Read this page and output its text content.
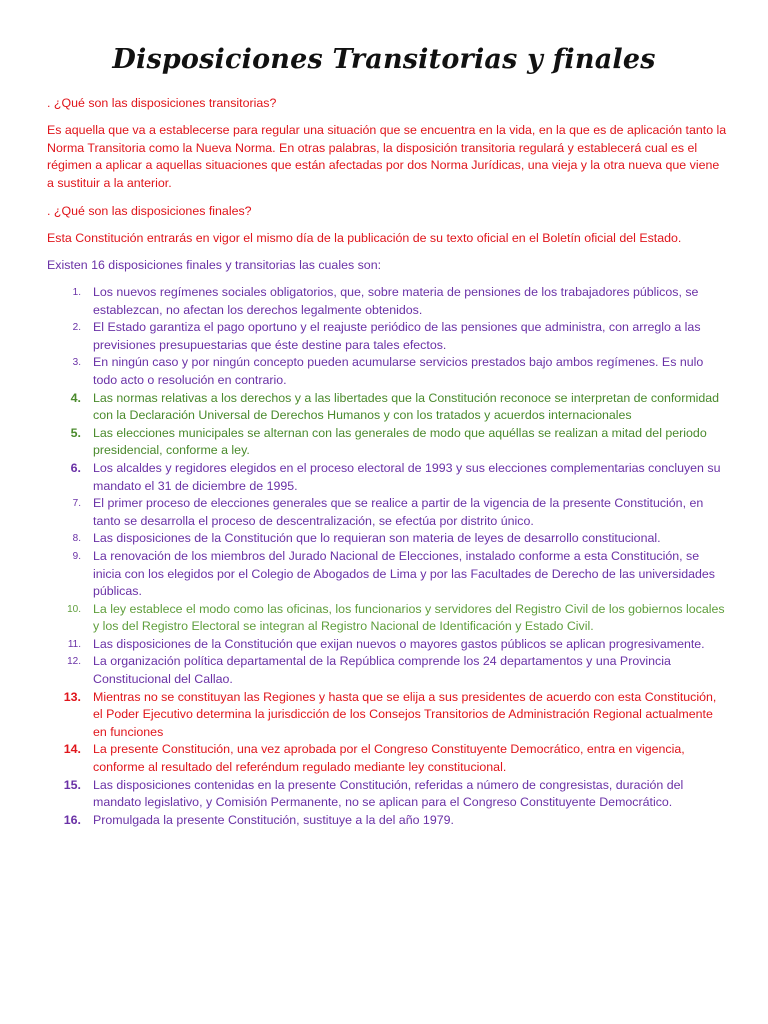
Disposiciones Transitorias y finales

. ¿Qué son las disposiciones transitorias?

Es aquella que va a establecerse para regular una situación que se encuentra en la vida, en la que es de aplicación tanto la Norma Transitoria como la Nueva Norma. En otras palabras, la disposición transitoria regulará y establecerá cual es el régimen a aplicar a aquellas situaciones que están afectadas por dos Norma Jurídicas, una vieja y la otra nueva que viene a sustituir a la anterior.

. ¿Qué son las disposiciones finales?

Esta Constitución entrarás en vigor el mismo día de la publicación de su texto oficial en el Boletín oficial del Estado.

Existen 16 disposiciones finales y transitorias las cuales son:

1. Los nuevos regímenes sociales obligatorios, que, sobre materia de pensiones de los trabajadores públicos, se establezcan, no afectan los derechos legalmente obtenidos.
2. El Estado garantiza el pago oportuno y el reajuste periódico de las pensiones que administra, con arreglo a las previsiones presupuestarias que éste destine para tales efectos.
3. En ningún caso y por ningún concepto pueden acumularse servicios prestados bajo ambos regímenes. Es nulo todo acto o resolución en contrario.
4. Las normas relativas a los derechos y a las libertades que la Constitución reconoce se interpretan de conformidad con la Declaración Universal de Derechos Humanos y con los tratados y acuerdos internacionales
5. Las elecciones municipales se alternan con las generales de modo que aquéllas se realizan a mitad del periodo presidencial, conforme a ley.
6. Los alcaldes y regidores elegidos en el proceso electoral de 1993 y sus elecciones complementarias concluyen su mandato el 31 de diciembre de 1995.
7. El primer proceso de elecciones generales que se realice a partir de la vigencia de la presente Constitución, en tanto se desarrolla el proceso de descentralización, se efectúa por distrito único.
8. Las disposiciones de la Constitución que lo requieran son materia de leyes de desarrollo constitucional.
9. La renovación de los miembros del Jurado Nacional de Elecciones, instalado conforme a esta Constitución, se inicia con los elegidos por el Colegio de Abogados de Lima y por las Facultades de Derecho de las universidades públicas.
10. La ley establece el modo como las oficinas, los funcionarios y servidores del Registro Civil de los gobiernos locales y los del Registro Electoral se integran al Registro Nacional de Identificación y Estado Civil.
11. Las disposiciones de la Constitución que exijan nuevos o mayores gastos públicos se aplican progresivamente.
12. La organización política departamental de la República comprende los 24 departamentos y una Provincia Constitucional del Callao.
13. Mientras no se constituyan las Regiones y hasta que se elija a sus presidentes de acuerdo con esta Constitución, el Poder Ejecutivo determina la jurisdicción de los Consejos Transitorios de Administración Regional actualmente en funciones
14. La presente Constitución, una vez aprobada por el Congreso Constituyente Democrático, entra en vigencia, conforme al resultado del referéndum regulado mediante ley constitucional.
15. Las disposiciones contenidas en la presente Constitución, referidas a número de congresistas, duración del mandato legislativo, y Comisión Permanente, no se aplican para el Congreso Constituyente Democrático.
16. Promulgada la presente Constitución, sustituye a la del año 1979.
